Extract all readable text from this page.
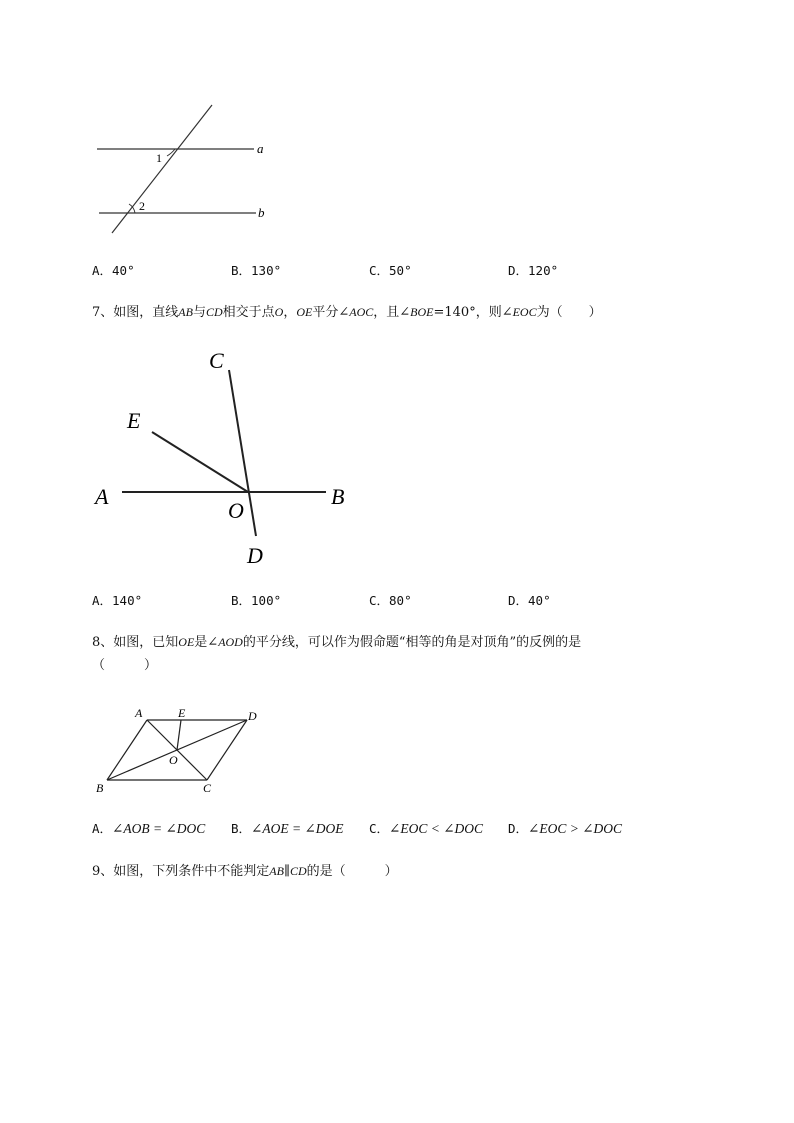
a
b
1
2
A．40°	B．130°	C．50°	D．120°
7、如图，直线AB与CD相交于点O，OE平分∠AOC，且∠BOE=140°，则∠EOC为（　　）
C
E
A	B
O
D
A．140°	B．100°	C．80°	D．40°
8、如图，已知OE是∠AOD的平分线，可以作为假命题“相等的角是对顶角”的反例的是
（　　　）
A	E	D
O
B	C
A．∠AOB = ∠DOC B．∠AOE = ∠DOE C．∠EOC < ∠DOC D．∠EOC > ∠DOC
9、如图，下列条件中不能判定AB∥CD的是（　　　）
